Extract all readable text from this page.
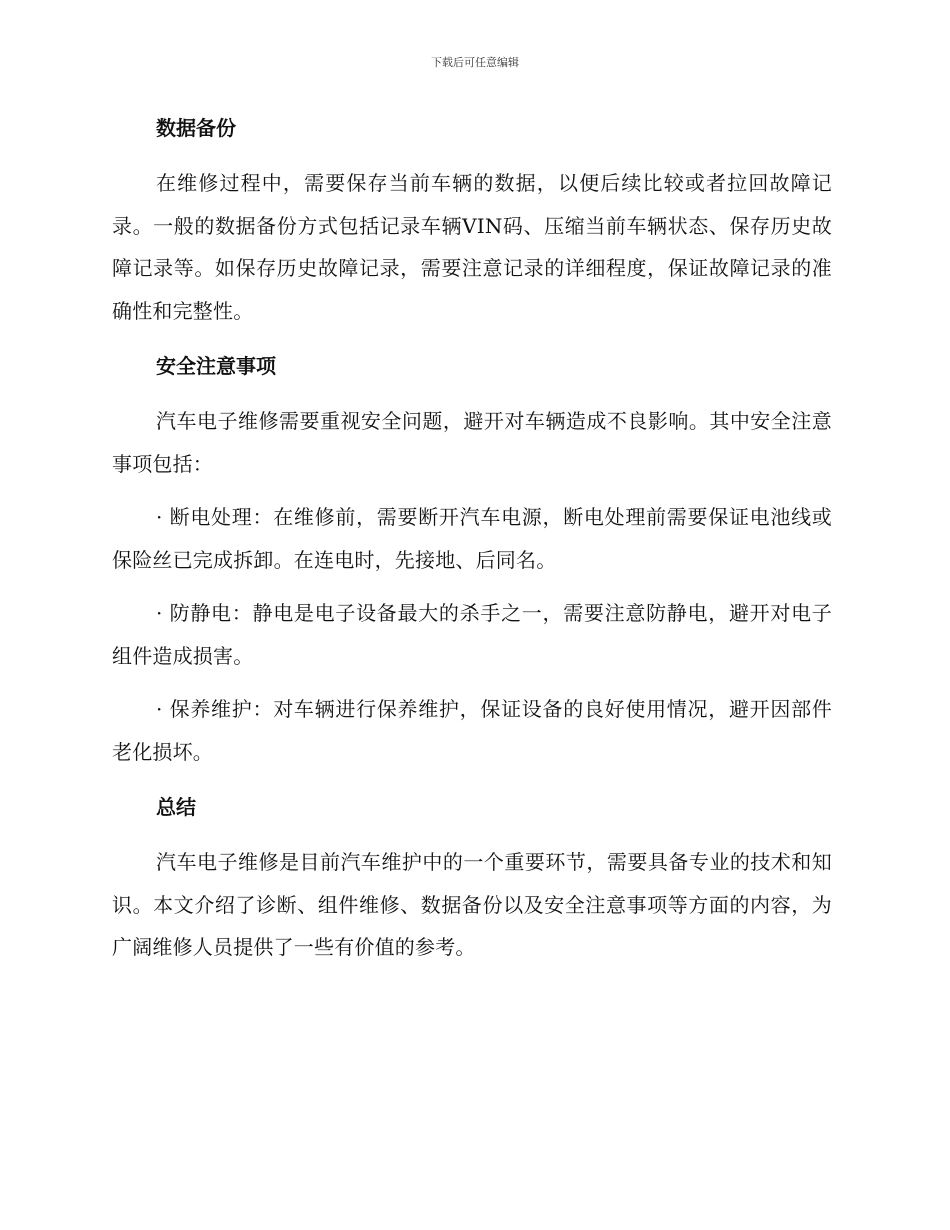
下载后可任意编辑
数据备份

在维修过程中，需要保存当前车辆的数据，以便后续比较或者拉回故障记录。一般的数据备份方式包括记录车辆VIN码、压缩当前车辆状态、保存历史故障记录等。如保存历史故障记录，需要注意记录的详细程度，保证故障记录的准确性和完整性。

安全注意事项

汽车电子维修需要重视安全问题，避开对车辆造成不良影响。其中安全注意事项包括：

· 断电处理：在维修前，需要断开汽车电源，断电处理前需要保证电池线或保险丝已完成拆卸。在连电时，先接地、后同名。

· 防静电：静电是电子设备最大的杀手之一，需要注意防静电，避开对电子组件造成损害。

· 保养维护：对车辆进行保养维护，保证设备的良好使用情况，避开因部件老化损坏。

总结

汽车电子维修是目前汽车维护中的一个重要环节，需要具备专业的技术和知识。本文介绍了诊断、组件维修、数据备份以及安全注意事项等方面的内容，为广阔维修人员提供了一些有价值的参考。
